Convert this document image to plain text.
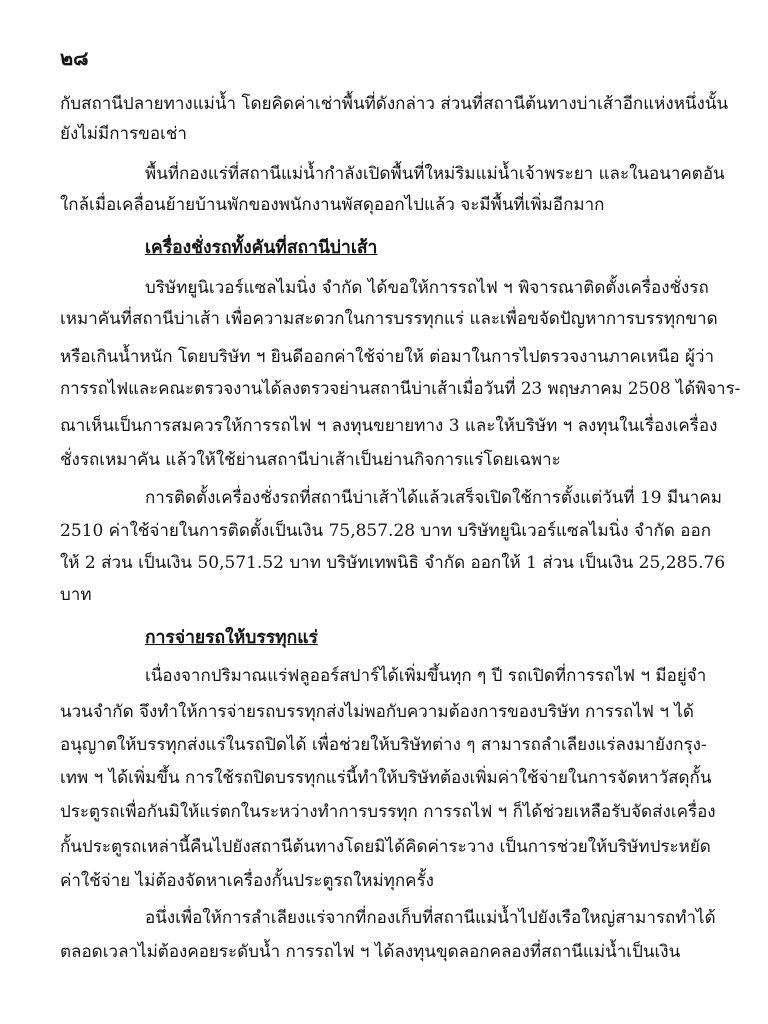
๒๘
กับสถานีปลายทางแม่น้ำ โดยคิดค่าเช่าพื้นที่ดังกล่าว ส่วนที่สถานีต้นทางบ่าเส้าอีกแห่งหนึ่งนั้น
ยังไม่มีการขอเช่า
พื้นที่กองแร่ที่สถานีแม่น้ำกำลังเปิดพื้นที่ใหม่ริมแม่น้ำเจ้าพระยา และในอนาคตอัน
ใกล้เมื่อเคลื่อนย้ายบ้านพักของพนักงานพัสดุออกไปแล้ว จะมีพื้นที่เพิ่มอีกมาก
เครื่องชั่งรถทั้งคันที่สถานีบ่าเส้า
บริษัทยูนิเวอร์แซลไมนิ่ง จำกัด ได้ขอให้การรถไฟ ฯ พิจารณาติดตั้งเครื่องชั่งรถ
เหมาคันที่สถานีบ่าเส้า เพื่อความสะดวกในการบรรทุกแร่ และเพื่อขจัดปัญหาการบรรทุกขาด
หรือเกินน้ำหนัก โดยบริษัท ฯ ยินดีออกค่าใช้จ่ายให้ ต่อมาในการไปตรวจงานภาคเหนือ ผู้ว่า
การรถไฟและคณะตรวจงานได้ลงตรวจย่านสถานีบ่าเส้าเมื่อวันที่ 23 พฤษภาคม 2508 ได้พิจาร-
ณาเห็นเป็นการสมควรให้การรถไฟ ฯ ลงทุนขยายทาง 3 และให้บริษัท ฯ ลงทุนในเรื่องเครื่อง
ชั่งรถเหมาคัน แล้วให้ใช้ย่านสถานีบ่าเส้าเป็นย่านกิจการแร่โดยเฉพาะ
การติดตั้งเครื่องชั่งรถที่สถานีบ่าเส้าได้แล้วเสร็จเปิดใช้การตั้งแต่วันที่ 19 มีนาคม
2510 ค่าใช้จ่ายในการติดตั้งเป็นเงิน 75,857.28 บาท บริษัทยูนิเวอร์แซลไมนิ่ง จำกัด ออก
ให้ 2 ส่วน เป็นเงิน 50,571.52 บาท บริษัทเทพนิธิ จำกัด ออกให้ 1 ส่วน เป็นเงิน 25,285.76
บาท
การจ่ายรถให้บรรทุกแร่
เนื่องจากปริมาณแร่ฟลูออร์สปาร์ได้เพิ่มขึ้นทุก ๆ ปี รถเปิดที่การรถไฟ ฯ มีอยู่จำ
นวนจำกัด จึงทำให้การจ่ายรถบรรทุกส่งไม่พอกับความต้องการของบริษัท การรถไฟ ฯ ได้
อนุญาตให้บรรทุกส่งแร่ในรถปิดได้ เพื่อช่วยให้บริษัทต่าง ๆ สามารถลำเลียงแร่ลงมายังกรุง-
เทพ ฯ ได้เพิ่มขึ้น การใช้รถปิดบรรทุกแร่นี้ทำให้บริษัทต้องเพิ่มค่าใช้จ่ายในการจัดหาวัสดุกั้น
ประตูรถเพื่อกันมิให้แร่ตกในระหว่างทำการบรรทุก การรถไฟ ฯ ก็ได้ช่วยเหลือรับจัดส่งเครื่อง
กั้นประตูรถเหล่านี้คืนไปยังสถานีต้นทางโดยมิได้คิดค่าระวาง เป็นการช่วยให้บริษัทประหยัด
ค่าใช้จ่าย ไม่ต้องจัดหาเครื่องกั้นประตูรถใหม่ทุกครั้ง
อนึ่งเพื่อให้การลำเลียงแร่จากที่กองเก็บที่สถานีแม่น้ำไปยังเรือใหญ่สามารถทำได้
ตลอดเวลาไม่ต้องคอยระดับน้ำ การรถไฟ ฯ ได้ลงทุนขุดลอกคลองที่สถานีแม่น้ำเป็นเงิน
